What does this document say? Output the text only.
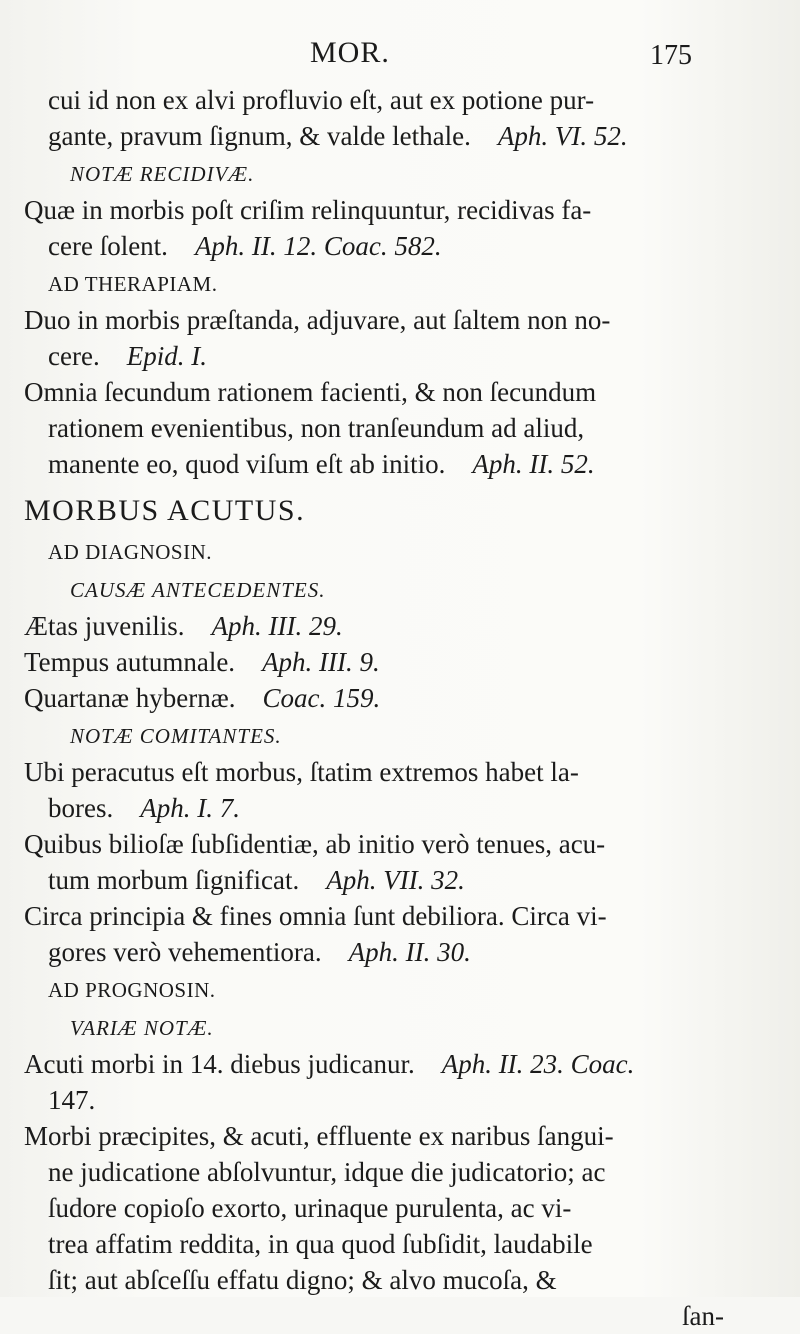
MOR.	175
cui id non ex alvi profluvio eſt, aut ex potione pur-
gante, pravum ſignum, & valde lethale.  Aph. VI. 52.
NOTÆ RECIDIVÆ.
Quæ in morbis poſt criſim relinquuntur, recidivas fa-
cere ſolent.  Aph. II. 12. Coac. 582.
AD THERAPIAM.
Duo in morbis præſtanda, adjuvare, aut ſaltem non no-
cere.  Epid. I.
Omnia ſecundum rationem facienti, & non ſecundum
rationem evenientibus, non tranſeundum ad aliud,
manente eo, quod viſum eſt ab initio.  Aph. II. 52.
MORBUS ACUTUS.
AD DIAGNOSIN.
CAUSÆ ANTECEDENTES.
Ætas juvenilis.  Aph. III. 29.
Tempus autumnale.  Aph. III. 9.
Quartanæ hybernæ.  Coac. 159.
NOTÆ COMITANTES.
Ubi peracutus eſt morbus, ſtatim extremos habet la-
bores.  Aph. I. 7.
Quibus bilioſæ ſubſidentiæ, ab initio verò tenues, acu-
tum morbum ſignificat.  Aph. VII. 32.
Circa principia & fines omnia ſunt debiliora. Circa vi-
gores verò vehementiora.  Aph. II. 30.
AD PROGNOSIN.
VARIÆ NOTÆ.
Acuti morbi in 14. diebus judicanur.  Aph. II. 23. Coac.
147.
Morbi præcipites, & acuti, effluente ex naribus ſangui-
ne judicatione abſolvuntur, idque die judicatorio; ac
ſudore copioſo exorto, urinaque purulenta, ac vi-
trea affatim reddita, in qua quod ſubſidit, laudabile
ſit; aut abſceſſu effatu digno; & alvo mucoſa, &
ſan-
